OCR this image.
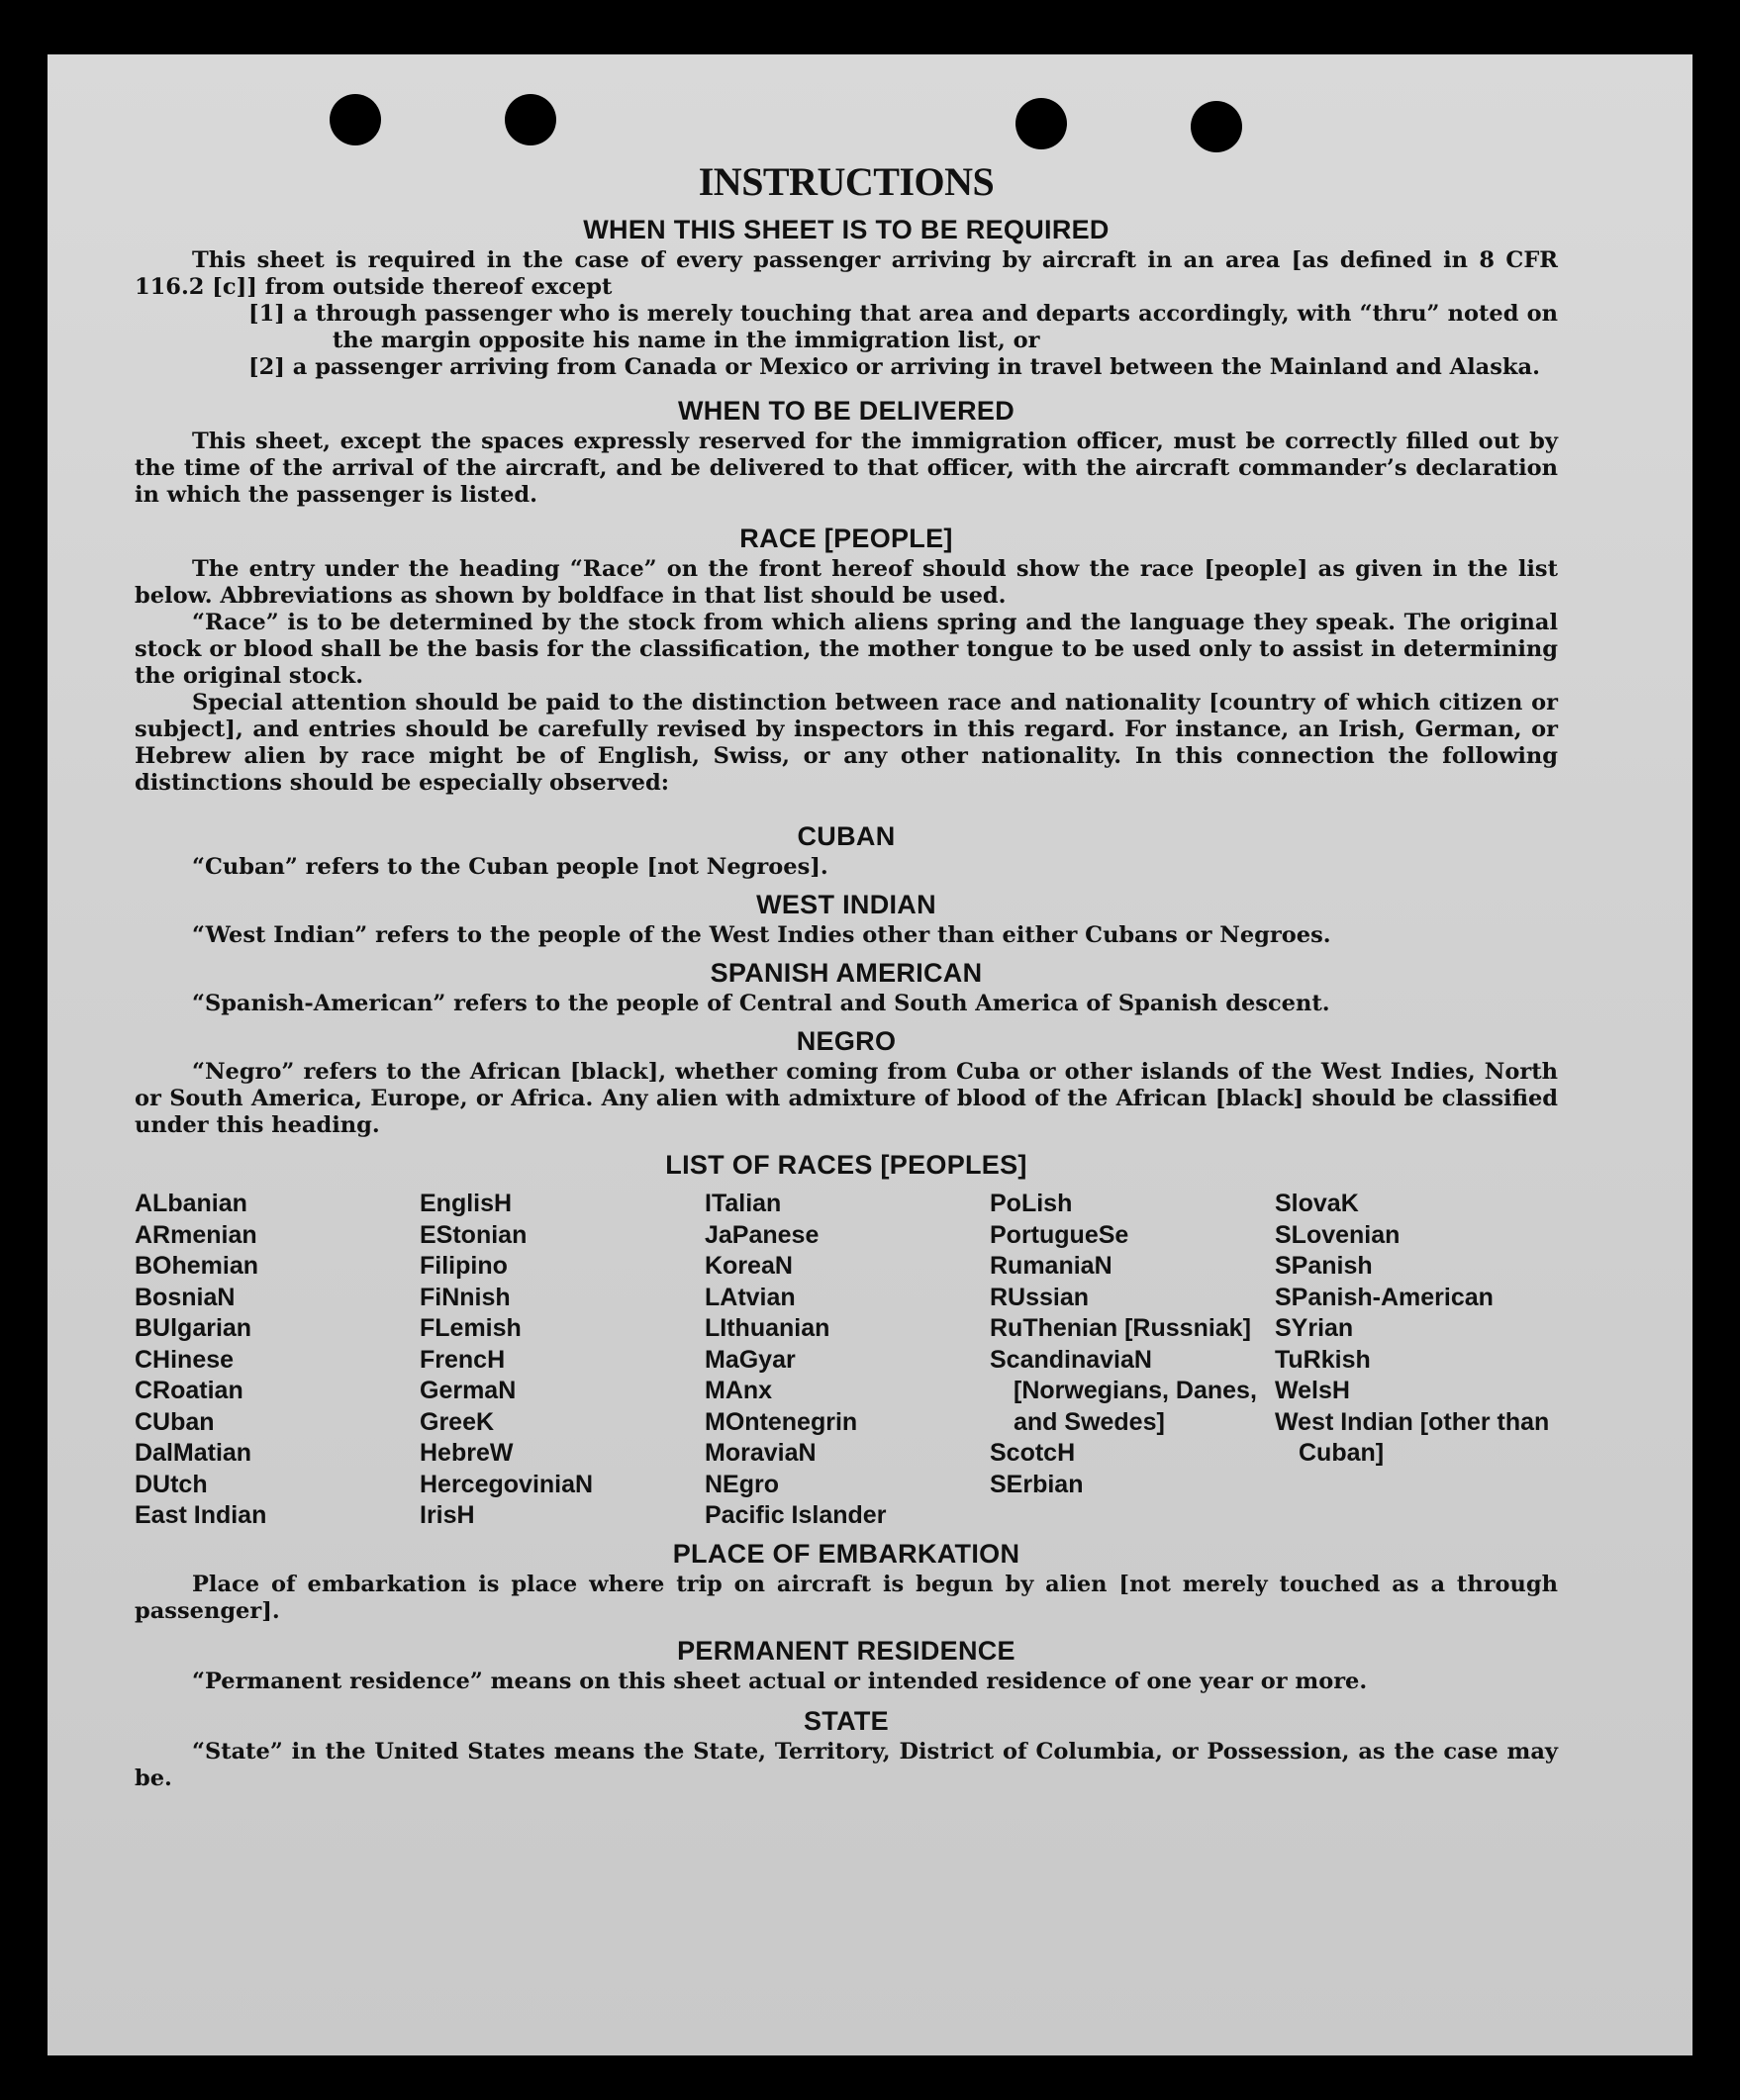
INSTRUCTIONS
WHEN THIS SHEET IS TO BE REQUIRED

This sheet is required in the case of every passenger arriving by aircraft in an area [as defined in 8 CFR 116.2 [c]] from outside thereof except

[1] a through passenger who is merely touching that area and departs accordingly, with “thru” noted on the margin opposite his name in the immigration list, or

[2] a passenger arriving from Canada or Mexico or arriving in travel between the Mainland and Alaska.

WHEN TO BE DELIVERED

This sheet, except the spaces expressly reserved for the immigration officer, must be correctly filled out by the time of the arrival of the aircraft, and be delivered to that officer, with the aircraft commander’s declaration in which the passenger is listed.

RACE [PEOPLE]

The entry under the heading “Race” on the front hereof should show the race [people] as given in the list below. Abbreviations as shown by boldface in that list should be used.

“Race” is to be determined by the stock from which aliens spring and the language they speak. The original stock or blood shall be the basis for the classification, the mother tongue to be used only to assist in determining the original stock.

Special attention should be paid to the distinction between race and nationality [country of which citizen or subject], and entries should be carefully revised by inspectors in this regard. For instance, an Irish, German, or Hebrew alien by race might be of English, Swiss, or any other nationality. In this connection the following distinctions should be especially observed:

CUBAN

“Cuban” refers to the Cuban people [not Negroes].

WEST INDIAN

“West Indian” refers to the people of the West Indies other than either Cubans or Negroes.

SPANISH AMERICAN

“Spanish-American” refers to the people of Central and South America of Spanish descent.

NEGRO

“Negro” refers to the African [black], whether coming from Cuba or other islands of the West Indies, North or South America, Europe, or Africa. Any alien with admixture of blood of the African [black] should be classified under this heading.

LIST OF RACES [PEOPLES]
ALbanian
ARmenian
BOhemian
BosniaN
BUlgarian
CHinese
CRoatian
CUban
DalMatian
DUtch
East Indian
EnglisH
EStonian
Filipino
FiNnish
FLemish
FrencH
GermaN
GreeK
HebreW
HercegoviniaN
IrisH
ITalian
JaPanese
KoreaN
LAtvian
LIthuanian
MaGyar
MAnx
MOntenegrin
MoraviaN
NEgro
Pacific Islander
PoLish
PortugueSe
RumaniaN
RUssian
RuThenian [Russniak]
ScandinaviaN [Norwegians, Danes, and Swedes]
ScotcH
SErbian
SlovaK
SLovenian
SPanish
SPanish-American
SYrian
TuRkish
WelsH
West Indian [other than Cuban]
PLACE OF EMBARKATION

Place of embarkation is place where trip on aircraft is begun by alien [not merely touched as a through passenger].

PERMANENT RESIDENCE

“Permanent residence” means on this sheet actual or intended residence of one year or more.

STATE

“State” in the United States means the State, Territory, District of Columbia, or Possession, as the case may be.
